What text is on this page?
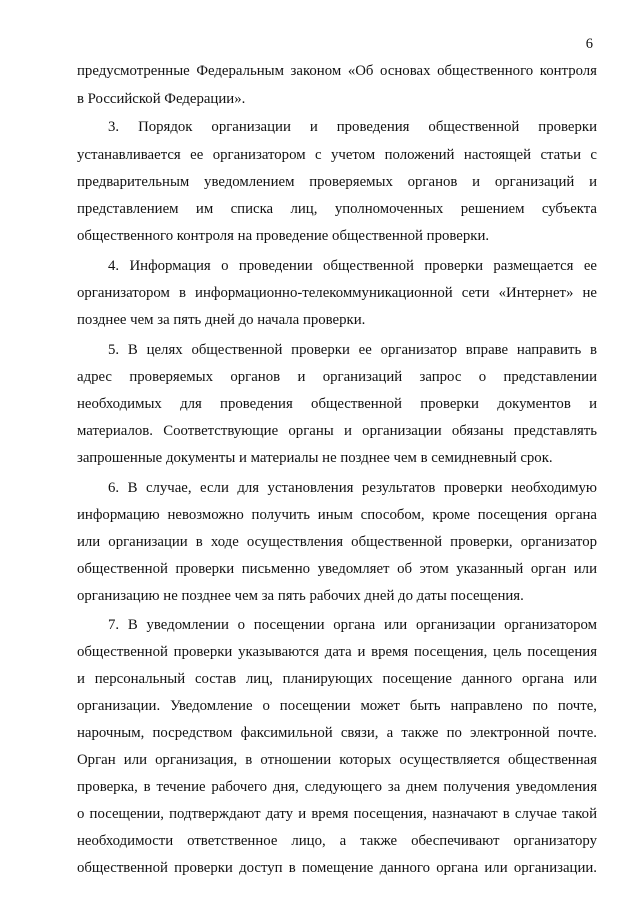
6
предусмотренные Федеральным законом «Об основах общественного контроля
в Российской Федерации».
3. Порядок организации и проведения общественной проверки
устанавливается ее организатором с учетом положений настоящей статьи с
предварительным уведомлением проверяемых органов и организаций и
представлением им списка лиц, уполномоченных решением субъекта
общественного контроля на проведение общественной проверки.
4. Информация о проведении общественной проверки размещается ее
организатором в информационно-телекоммуникационной сети «Интернет» не
позднее чем за пять дней до начала проверки.
5. В целях общественной проверки ее организатор вправе направить в
адрес проверяемых органов и организаций запрос о представлении
необходимых для проведения общественной проверки документов и
материалов. Соответствующие органы и организации обязаны представлять
запрошенные документы и материалы не позднее чем в семидневный срок.
6. В случае, если для установления результатов проверки необходимую
информацию невозможно получить иным способом, кроме посещения органа
или организации в ходе осуществления общественной проверки, организатор
общественной проверки письменно уведомляет об этом указанный орган или
организацию не позднее чем за пять рабочих дней до даты посещения.
7. В уведомлении о посещении органа или организации организатором
общественной проверки указываются дата и время посещения, цель посещения
и персональный состав лиц, планирующих посещение данного органа или
организации. Уведомление о посещении может быть направлено по почте,
нарочным, посредством факсимильной связи, а также по электронной почте.
Орган или организация, в отношении которых осуществляется общественная
проверка, в течение рабочего дня, следующего за днем получения уведомления
о посещении, подтверждают дату и время посещения, назначают в случае такой
необходимости ответственное лицо, а также обеспечивают организатору
общественной проверки доступ в помещение данного органа или организации.
